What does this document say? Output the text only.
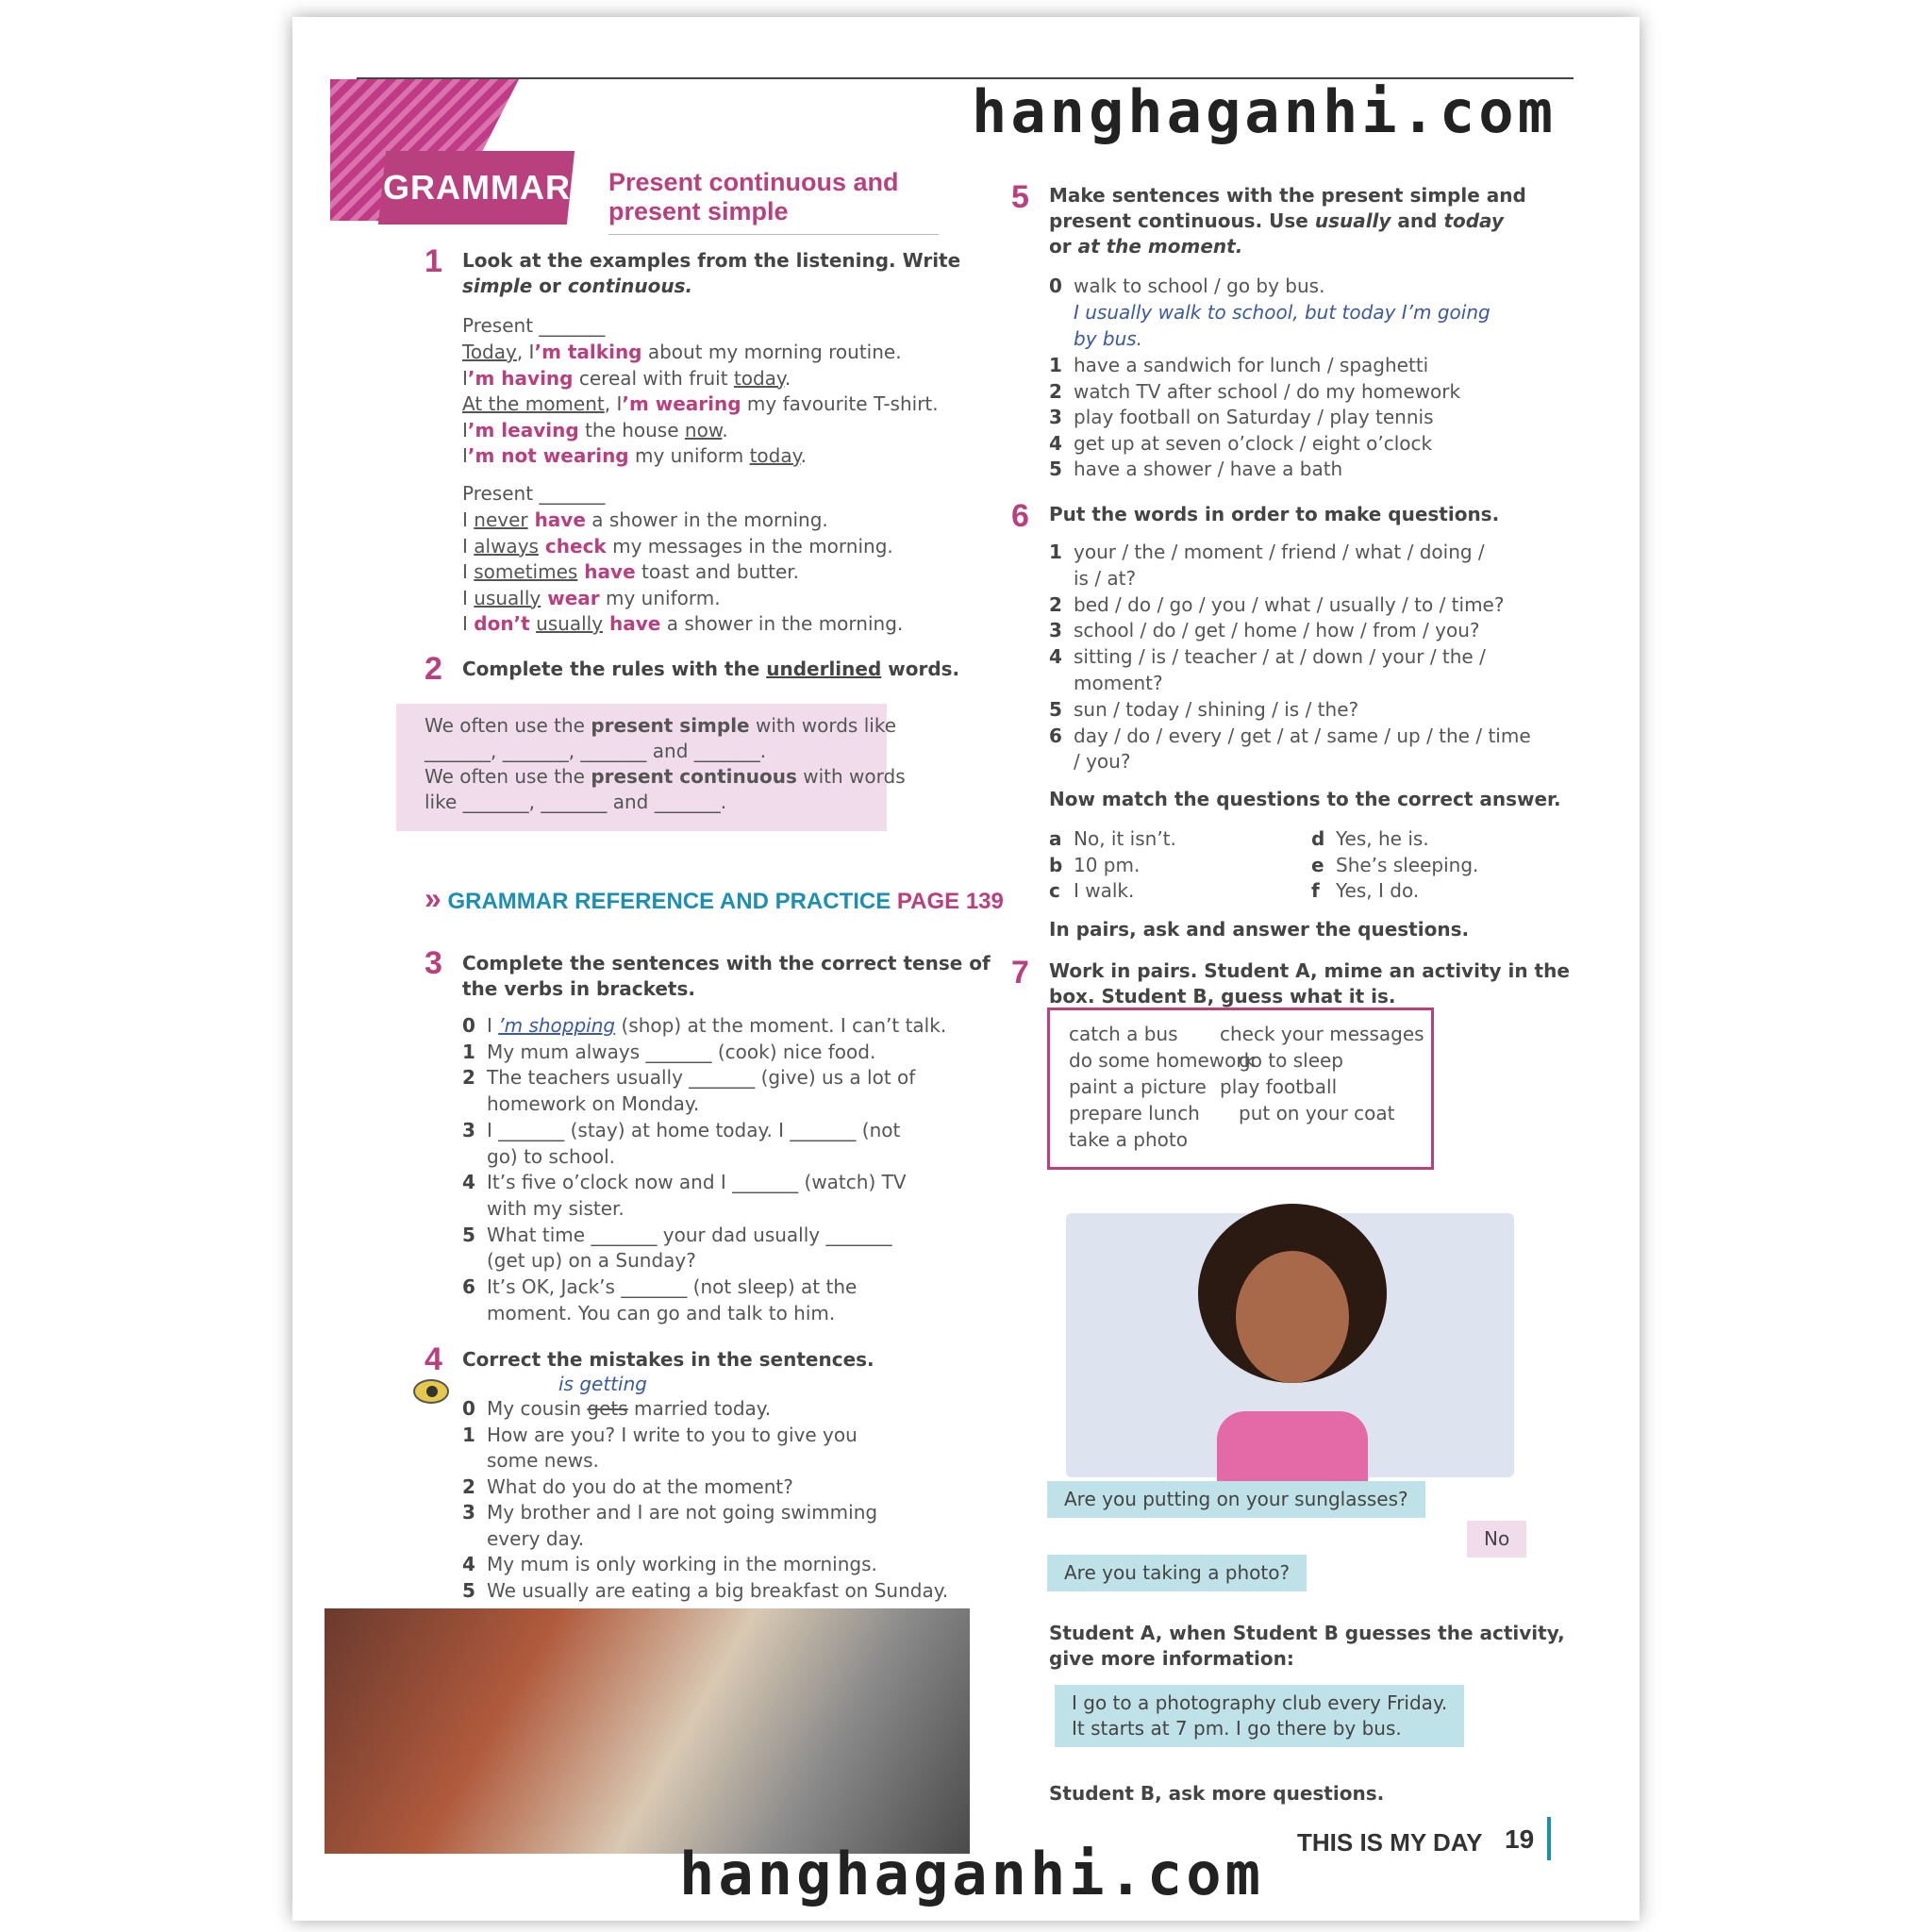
GRAMMAR Present continuous and
present simple
1 Look at the examples from the listening. Write
simple or continuous.
Present _______
Present _______
2 Complete the rules with the underlined words.
We often use the present simple with words like
_______, _______, _______ and _______.
We often use the present continuous with words
like _______, _______ and _______.
» GRAMMAR REFERENCE AND PRACTICE PAGE 139
3 Complete the sentences with the correct tense of
the verbs in brackets.
4 Correct the mistakes in the sentences.
is getting
5 Make sentences with the present simple and
present continuous. Use usually and today
or at the moment.
0 walk to school / go by bus.
I usually walk to school, but today I’m going
by bus.
6 Put the words in order to make questions.
Now match the questions to the correct answer.
In pairs, ask and answer the questions.
7 Work in pairs. Student A, mime an activity in the
box. Student B, guess what it is.
catch a bus check your messages
do some homework
go to sleep
paint a picture play football
prepare lunch put on your coat
take a photo
Are you putting on your sunglasses?
No
Are you taking a photo?
Student A, when Student B guesses the activity,
give more information:
I go to a photography club every Friday.
It starts at 7 pm. I go there by bus.
Student B, ask more questions.
THIS IS MY DAY 19
Today, I’m talking about my morning routine.
I’m having cereal with fruit today.
At the moment, I’m wearing my favourite T-shirt.
I’m leaving the house now.
I’m not wearing my uniform today.
I never have a shower in the morning.
I always check my messages in the morning.
I sometimes have toast and butter.
I usually wear my uniform.
I don’t usually have a shower in the morning.
0 I ’m shopping (shop) at the moment. I can’t talk.
1 My mum always _______ (cook) nice food.
2 The teachers usually _______ (give) us a lot of
homework on Monday.
3 I _______ (stay) at home today. I _______ (not
go) to school.
4 It’s five o’clock now and I _______ (watch) TV
with my sister.
5 What time _______ your dad usually _______
(get up) on a Sunday?
6 It’s OK, Jack’s _______ (not sleep) at the
moment. You can go and talk to him.
0 My cousin gets married today.
1 How are you? I write to you to give you
some news.
2 What do you do at the moment?
3 My brother and I are not going swimming
every day.
4 My mum is only working in the mornings.
5 We usually are eating a big breakfast on Sunday.
1 have a sandwich for lunch / spaghetti
2 watch TV after school / do my homework
3 play football on Saturday / play tennis
4 get up at seven o’clock / eight o’clock
5 have a shower / have a bath
1 your / the / moment / friend / what / doing /
is / at?
2 bed / do / go / you / what / usually / to / time?
3 school / do / get / home / how / from / you?
4 sitting / is / teacher / at / down / your / the /
moment?
5 sun / today / shining / is / the?
6 day / do / every / get / at / same / up / the / time
/ you?
a No, it isn’t.
b 10 pm.
c I walk.
d Yes, he is.
e She’s sleeping.
f Yes, I do.
hanghaganhi.com
hanghaganhi.com
